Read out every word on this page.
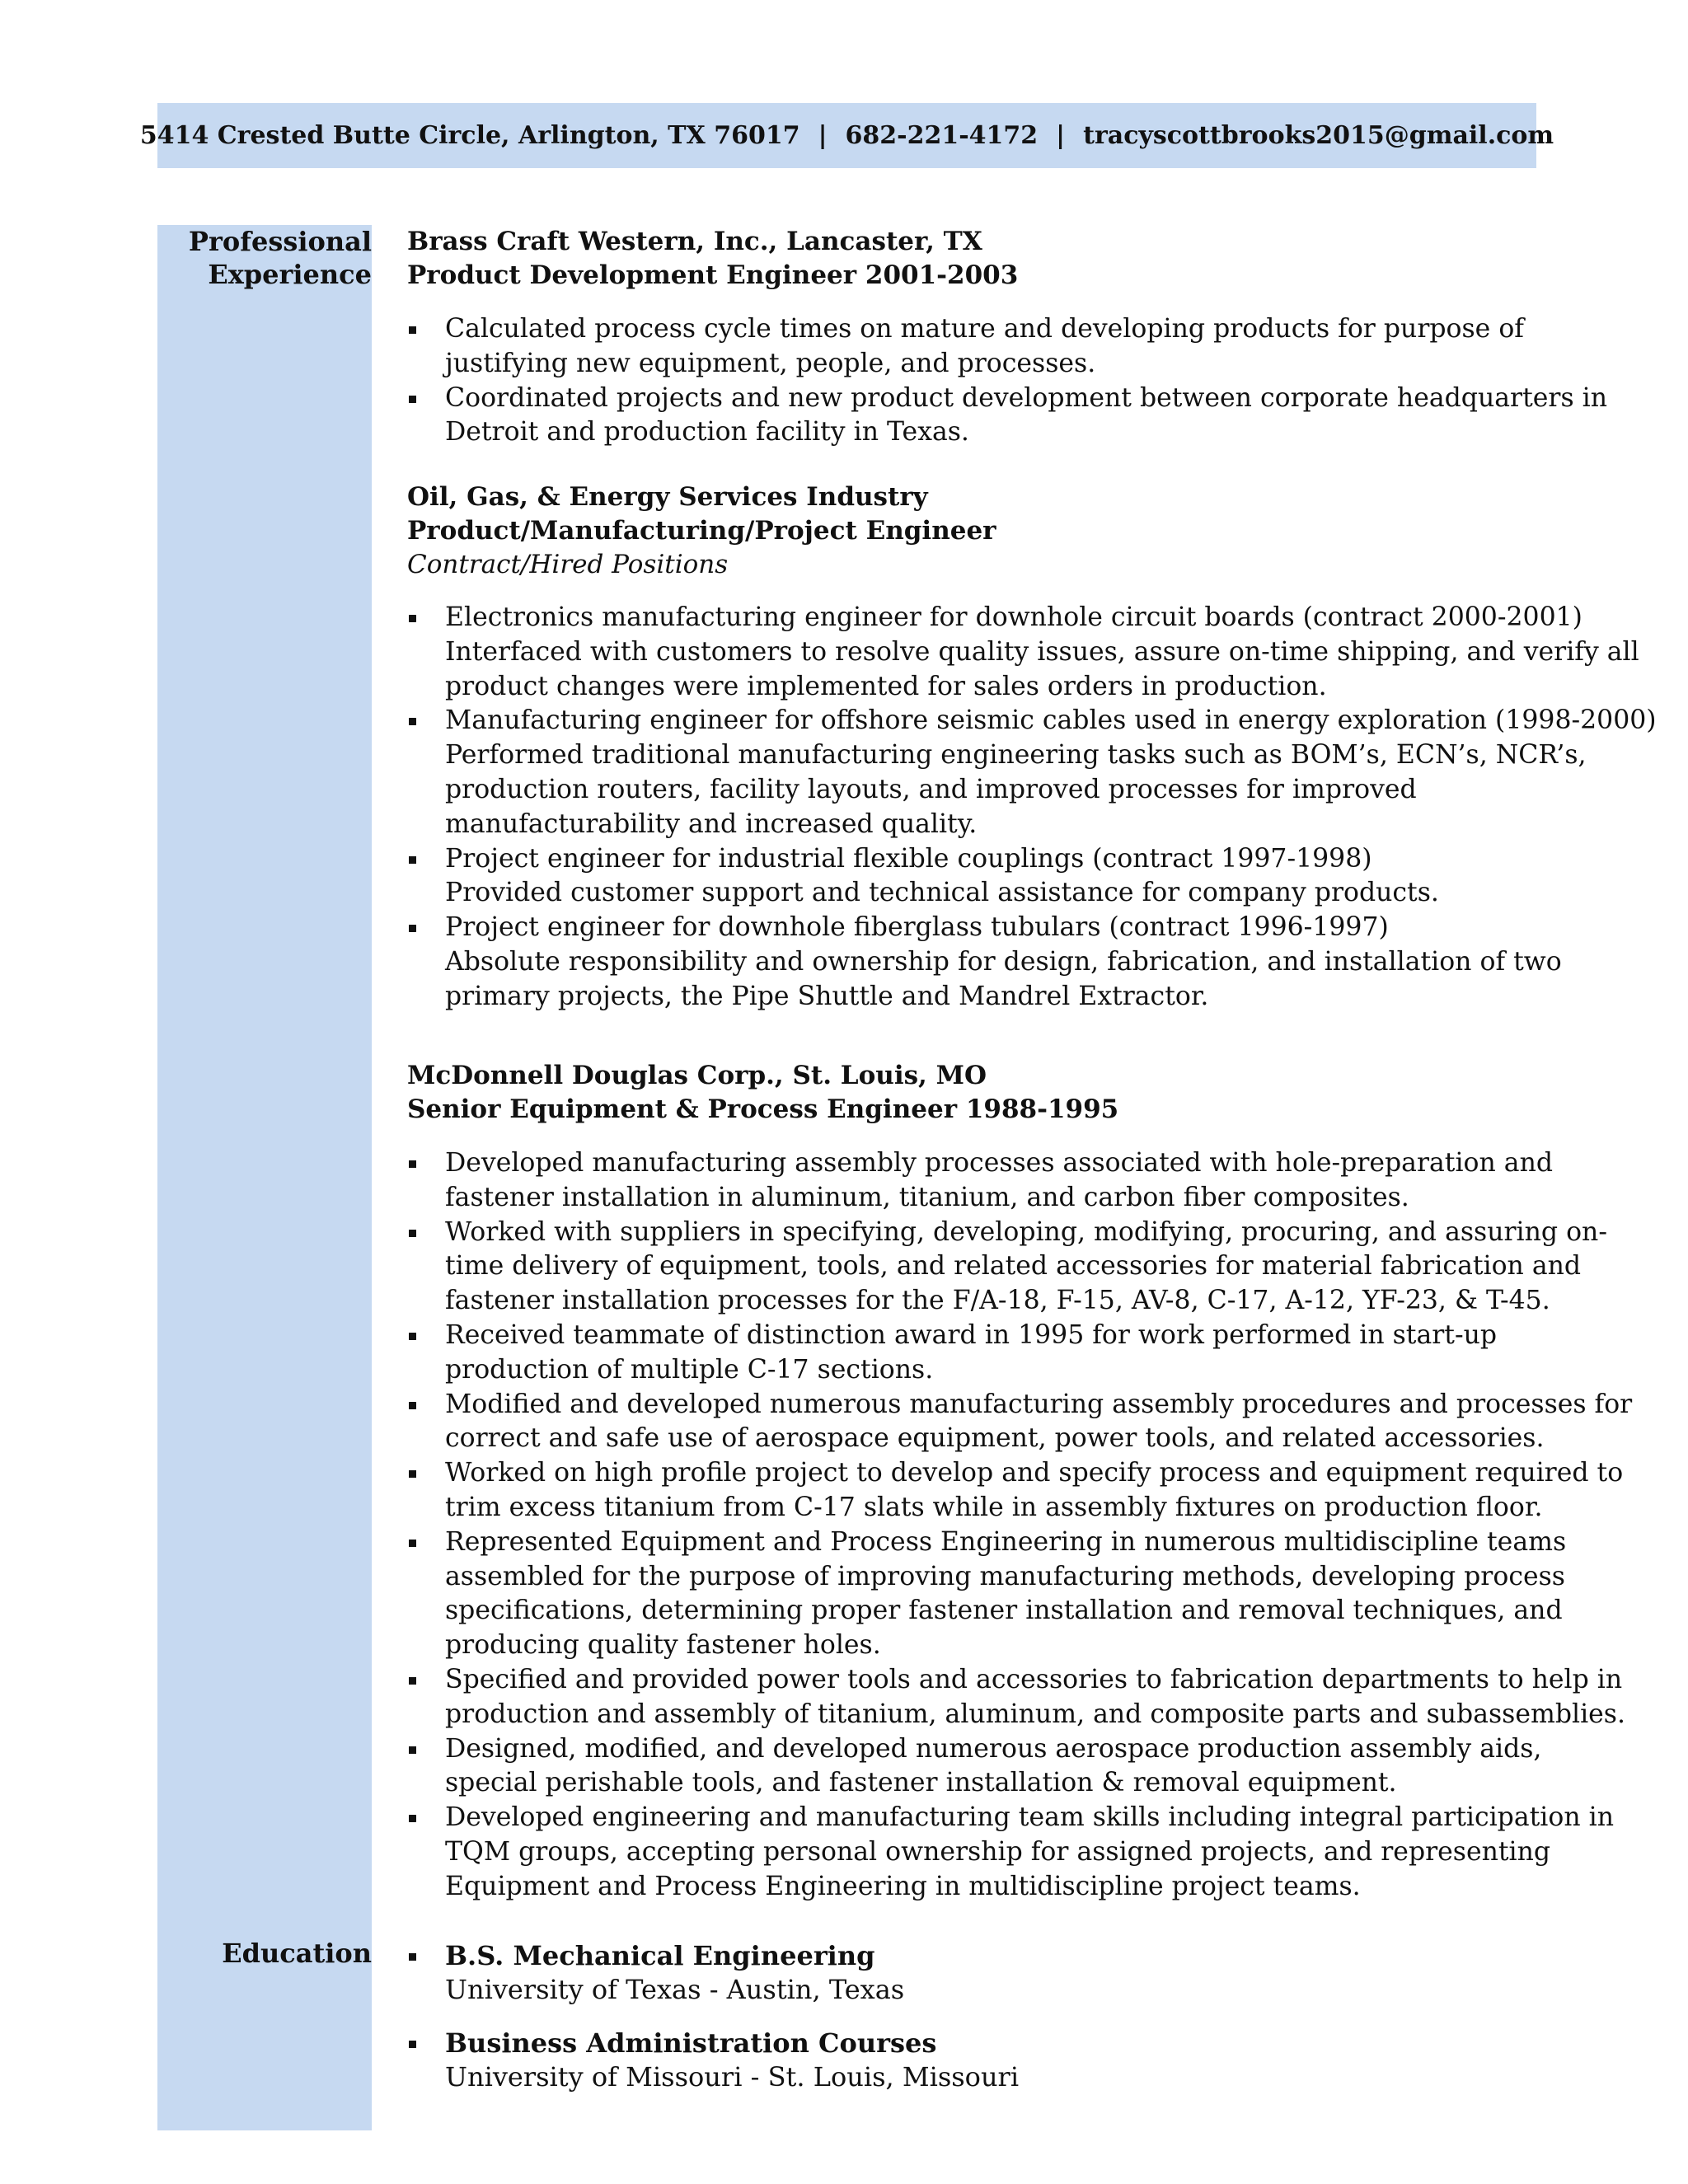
5414 Crested Butte Circle, Arlington, TX 76017 | 682-221-4172 | tracyscottbrooks2015@gmail.com
Professional
Experience
Education
Brass Craft Western, Inc., Lancaster, TX
Product Development Engineer 2001-2003
Calculated process cycle times on mature and developing products for purpose of
justifying new equipment, people, and processes.
Coordinated projects and new product development between corporate headquarters in
Detroit and production facility in Texas.
Oil, Gas, & Energy Services Industry
Product/Manufacturing/Project Engineer
Contract/Hired Positions
Electronics manufacturing engineer for downhole circuit boards (contract 2000-2001)
Interfaced with customers to resolve quality issues, assure on-time shipping, and verify all
product changes were implemented for sales orders in production.
Manufacturing engineer for offshore seismic cables used in energy exploration (1998-2000)
Performed traditional manufacturing engineering tasks such as BOM’s, ECN’s, NCR’s,
production routers, facility layouts, and improved processes for improved
manufacturability and increased quality.
Project engineer for industrial flexible couplings (contract 1997-1998)
Provided customer support and technical assistance for company products.
Project engineer for downhole fiberglass tubulars (contract 1996-1997)
Absolute responsibility and ownership for design, fabrication, and installation of two
primary projects, the Pipe Shuttle and Mandrel Extractor.
McDonnell Douglas Corp., St. Louis, MO
Senior Equipment & Process Engineer 1988-1995
Developed manufacturing assembly processes associated with hole-preparation and
fastener installation in aluminum, titanium, and carbon fiber composites.
Worked with suppliers in specifying, developing, modifying, procuring, and assuring on-
time delivery of equipment, tools, and related accessories for material fabrication and
fastener installation processes for the F/A-18, F-15, AV-8, C-17, A-12, YF-23, & T-45.
Received teammate of distinction award in 1995 for work performed in start-up
production of multiple C-17 sections.
Modified and developed numerous manufacturing assembly procedures and processes for
correct and safe use of aerospace equipment, power tools, and related accessories.
Worked on high profile project to develop and specify process and equipment required to
trim excess titanium from C-17 slats while in assembly fixtures on production floor.
Represented Equipment and Process Engineering in numerous multidiscipline teams
assembled for the purpose of improving manufacturing methods, developing process
specifications, determining proper fastener installation and removal techniques, and
producing quality fastener holes.
Specified and provided power tools and accessories to fabrication departments to help in
production and assembly of titanium, aluminum, and composite parts and subassemblies.
Designed, modified, and developed numerous aerospace production assembly aids,
special perishable tools, and fastener installation & removal equipment.
Developed engineering and manufacturing team skills including integral participation in
TQM groups, accepting personal ownership for assigned projects, and representing
Equipment and Process Engineering in multidiscipline project teams.
B.S. Mechanical Engineering
University of Texas - Austin, Texas
Business Administration Courses
University of Missouri - St. Louis, Missouri
